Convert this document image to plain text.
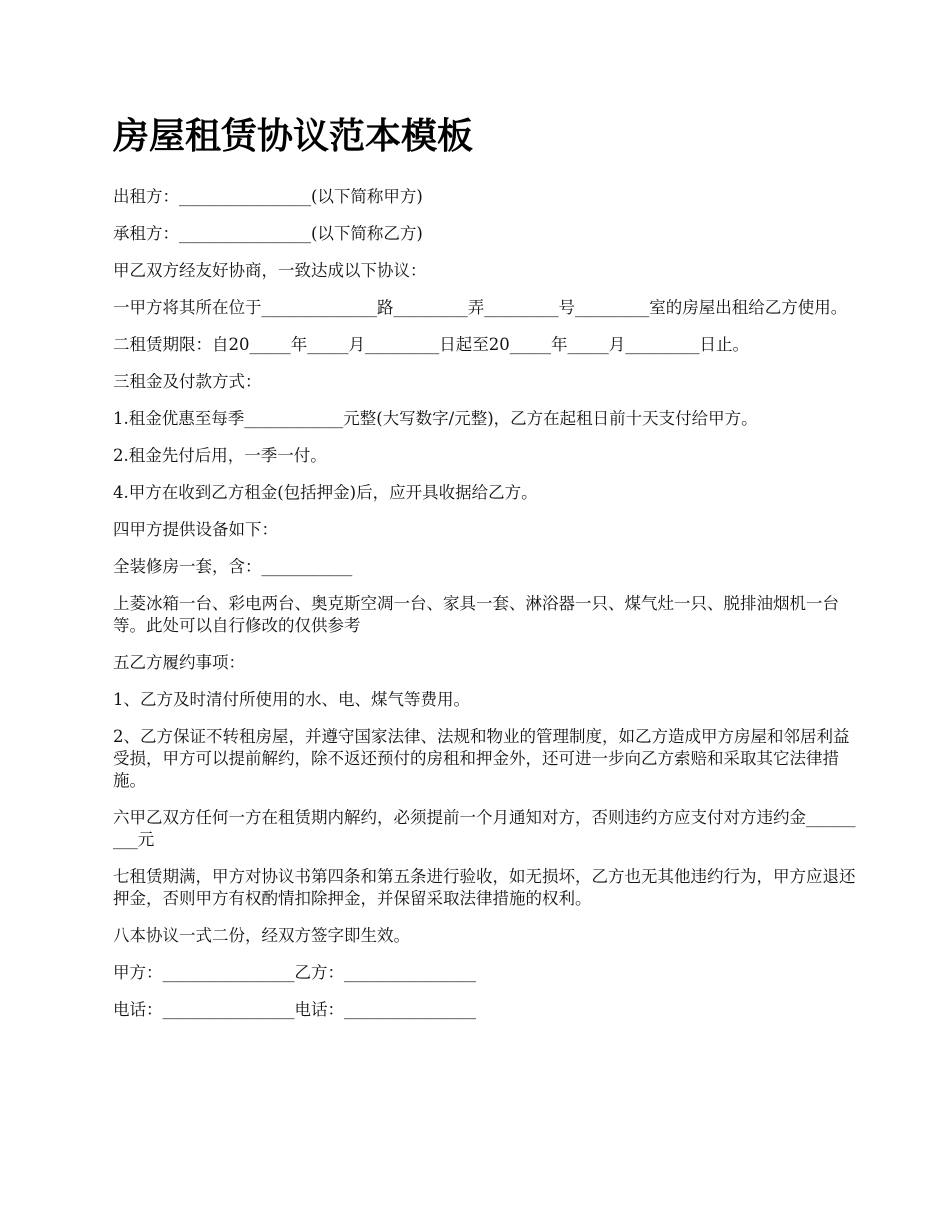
房屋租赁协议范本模板

出租方：________________(以下简称甲方)

承租方：________________(以下简称乙方)

甲乙双方经友好协商，一致达成以下协议：

一甲方将其所在位于______________路_________弄_________号_________室的房屋出租给乙方使用。

二租赁期限：自20_____年_____月_________日起至20_____年_____月_________日止。

三租金及付款方式：

1.租金优惠至每季____________元整(大写数字/元整)，乙方在起租日前十天支付给甲方。

2.租金先付后用，一季一付。

4.甲方在收到乙方租金(包括押金)后，应开具收据给乙方。

四甲方提供设备如下：

全装修房一套，含：___________

上菱冰箱一台、彩电两台、奥克斯空凋一台、家具一套、淋浴器一只、煤气灶一只、脱排油烟机一台等。此处可以自行修改的仅供参考

五乙方履约事项：

1、乙方及时清付所使用的水、电、煤气等费用。

2、乙方保证不转租房屋，并遵守国家法律、法规和物业的管理制度，如乙方造成甲方房屋和邻居利益受损，甲方可以提前解约，除不返还预付的房租和押金外，还可进一步向乙方索赔和采取其它法律措施。

六甲乙双方任何一方在租赁期内解约，必须提前一个月通知对方，否则违约方应支付对方违约金_________元

七租赁期满，甲方对协议书第四条和第五条进行验收，如无损坏，乙方也无其他违约行为，甲方应退还押金，否则甲方有权酌情扣除押金，并保留采取法律措施的权利。

八本协议一式二份，经双方签字即生效。

甲方：________________乙方：________________

电话：________________电话：________________
